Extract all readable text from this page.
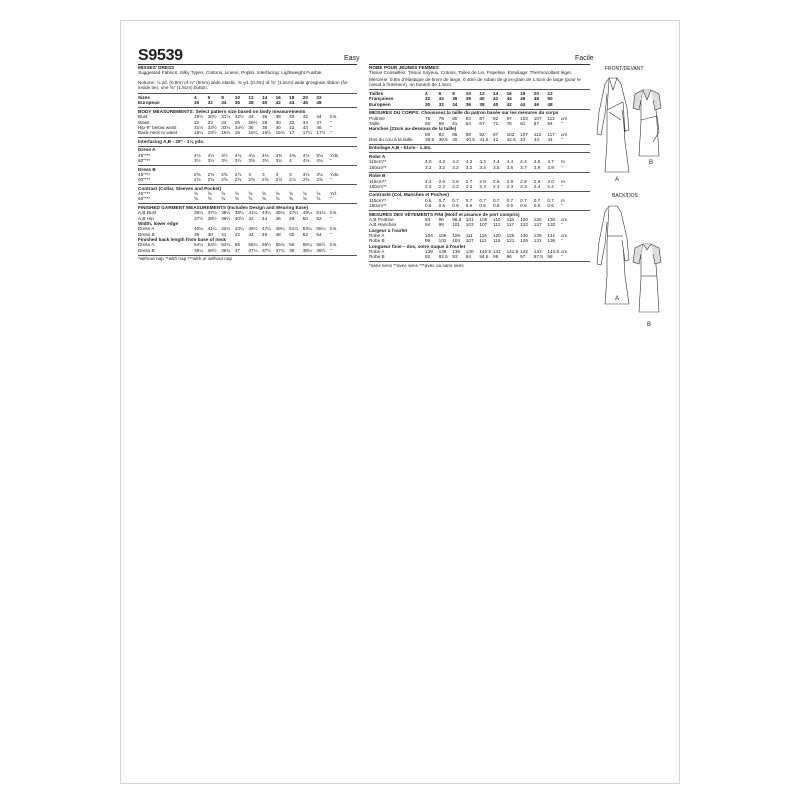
S9539	Easy	Facile
MISSES' DRESS
Suggested Fabrics: Silky Types, Cottons, Linens, Poplin. Interfacing: Lightweight Fusible.
Notions: ⅞ yd. (0.8m) of ¼" (6mm) wide elastic, ⅜ yd. (0.4m) of ⅝" (1.5cm) wide grosgrain ribbon (for inside tie), one ⅝" (1.5cm) button.
Sizes	4	6	8	10	12	14	16	18	20	22
European	30	32	34	36	38	40	42	44	46	48
BODY MEASUREMENTS: Select pattern size based on body measurements
Bust	29½ 30½ 31½ 32½ 34	36	38	40	42	44	Ins.
Waist	22	23	24	25	26½ 28	30	32	34	37	"
Hip-9" below waist	31½ 32½ 33½ 34½ 36	38	40	42	44	46	"
Back-neck to waist	15¼ 15½ 15¾ 16	16¼ 16½ 16¾ 17	17¼ 17½ "
Interfacing A,B - 20" - 1⅛ yds.
Dress A
45"***	4⅛	4½	4½	4⅛	4⅛	4⅜	4⅜	4⅜	4⅛	5⅛	Yds.
60"***	3½	3½	3½	3½	3⅝	3¾	3¾	4	4⅛	4⅛	"
Dress B
45"***	2⅝	2⅝	2⅝	2⅞	3	3	3	3	3⅛	3⅛	Yds.
60"***	2⅝	2⅝	2⅝	2⅝	2⅝	2⅝	2⅞	2⅞	2⅝	2⅝	"
Contrast (Collar, Sleeves and Pocket)
45"***	⅝	⅝	⅝	⅝	⅝	⅝	⅝	⅝	⅝	⅝	Yd.
60"***	⅝	⅝	⅝	⅝	⅝	⅝	⅝	⅝	⅝	⅝	"
FINISHED GARMENT MEASUREMENTS (Includes Design and Wearing Ease)
A,B Bust	36¼ 37¼ 38¼ 39¼ 41¼ 43¼ 45¼ 47¼ 49¼ 51¼ Ins.
A,B Hip	37½ 38½ 39½ 40½ 42	44	46	48	50	52	"
Width, lower edge
Dress A	40¼ 41¼ 42¼ 43¼ 45¼ 47¼ 49¼ 51¼ 53¼ 55¼ Ins.
Dress B	39	40	41	42	44	46	48	50	52	54	"
Finished back length from base of neck
Dress A	54¼ 54½ 54¾ 55	55¼ 55½ 55¾ 56	56¼ 56½ Ins.
Dress B	36¼ 36½ 36¾ 37	37¼ 37½ 37¾ 38	38¼ 38½ "
*without nap **with nap ***with or without nap
ROBE POUR JEUNES FEMMES
Tissus Conseillés: Tissus Soyeux, Cotons, Toiles de Lin, Popeline. Entoilage: Thermocollant léger.
Mercerie: 0.8m d'élastique de 6mm de large, 0.40m de ruban de gros-grain de 1.5cm de large (pour le nœud à l'intérieur), un bouton de 1.5cm.
Tailles	4	6	8	10	12	14	16	18	20	22
Françaises	32	34	36	38	40	42	44	46	48	50
Européen	30	32	34	36	38	40	42	44	46	48
MESURES DU CORPS: Choisissez la taille du patron basée sur les mesures du corps
Poitrine	75	78	80	83	87	92	97	102	107	112	cm
Taille	56	58	61	64	67	71	76	81	87	94	"
Hanches (23cm au-dessous de la taille)
80	83	85	88	92	97	102	107	112	117	cm
Dos du cou à la taille	38.5 39.5 40	40.5 41.5 42	42.5 43	44	44	"
Entoilage A,B - 51cm - 1.3m.
Robe A
115cm**	4.0	4.2	4.2	4.2	4.3	4.4	4.4	4.4	4.5	4.7	m
150cm**	3.2	3.2	3.2	3.2	3.4	3.5	3.6	3.7	3.9	3.9	"
Robe B
115cm**	2.4	2.6	2.6	2.7	2.8	2.8	2.8	2.8	2.9	3.0	m
150cm**	2.2	2.2	2.2	2.2	2.3	2.3	2.3	2.3	2.4	2.4	"
Contraste (Col, Manches et Poches)
115cm**	0.6	0.7	0.7	0.7	0.7	0.7	0.7	0.7	0.7	0.7	m
150cm**	0.6	0.6	0.6	0.6	0.6	0.6	0.6	0.6	0.6	0.6	"
MESURES DES VÊTEMENTS FINI (Motif et aisance de port compris)
A,B Poitrine	93	96	98.5 101	105	110	116	120	125	130	cm
A,B Hanches	94	98	101	103	107	112	117	122	127	132	"
Largeur à l'ourlet
Robe A	104	106	109	111	116	120	125	130	135	141	cm
Robe B	99	102	104	107	111	116	121	126	131	136	"
Longueur finie – dos, votre nuque à l'ourlet
Robe A	138	139	139	140	140.5 141	141.5 142	143	143.5 cm
Robe B	92	92.5 93	94	94.5 95	96	97	97.5 98	"
*sans sens **avec sens ***avec ou sans sens
FRONT/DEVANT
BACK/DOS
A
B
A
B
